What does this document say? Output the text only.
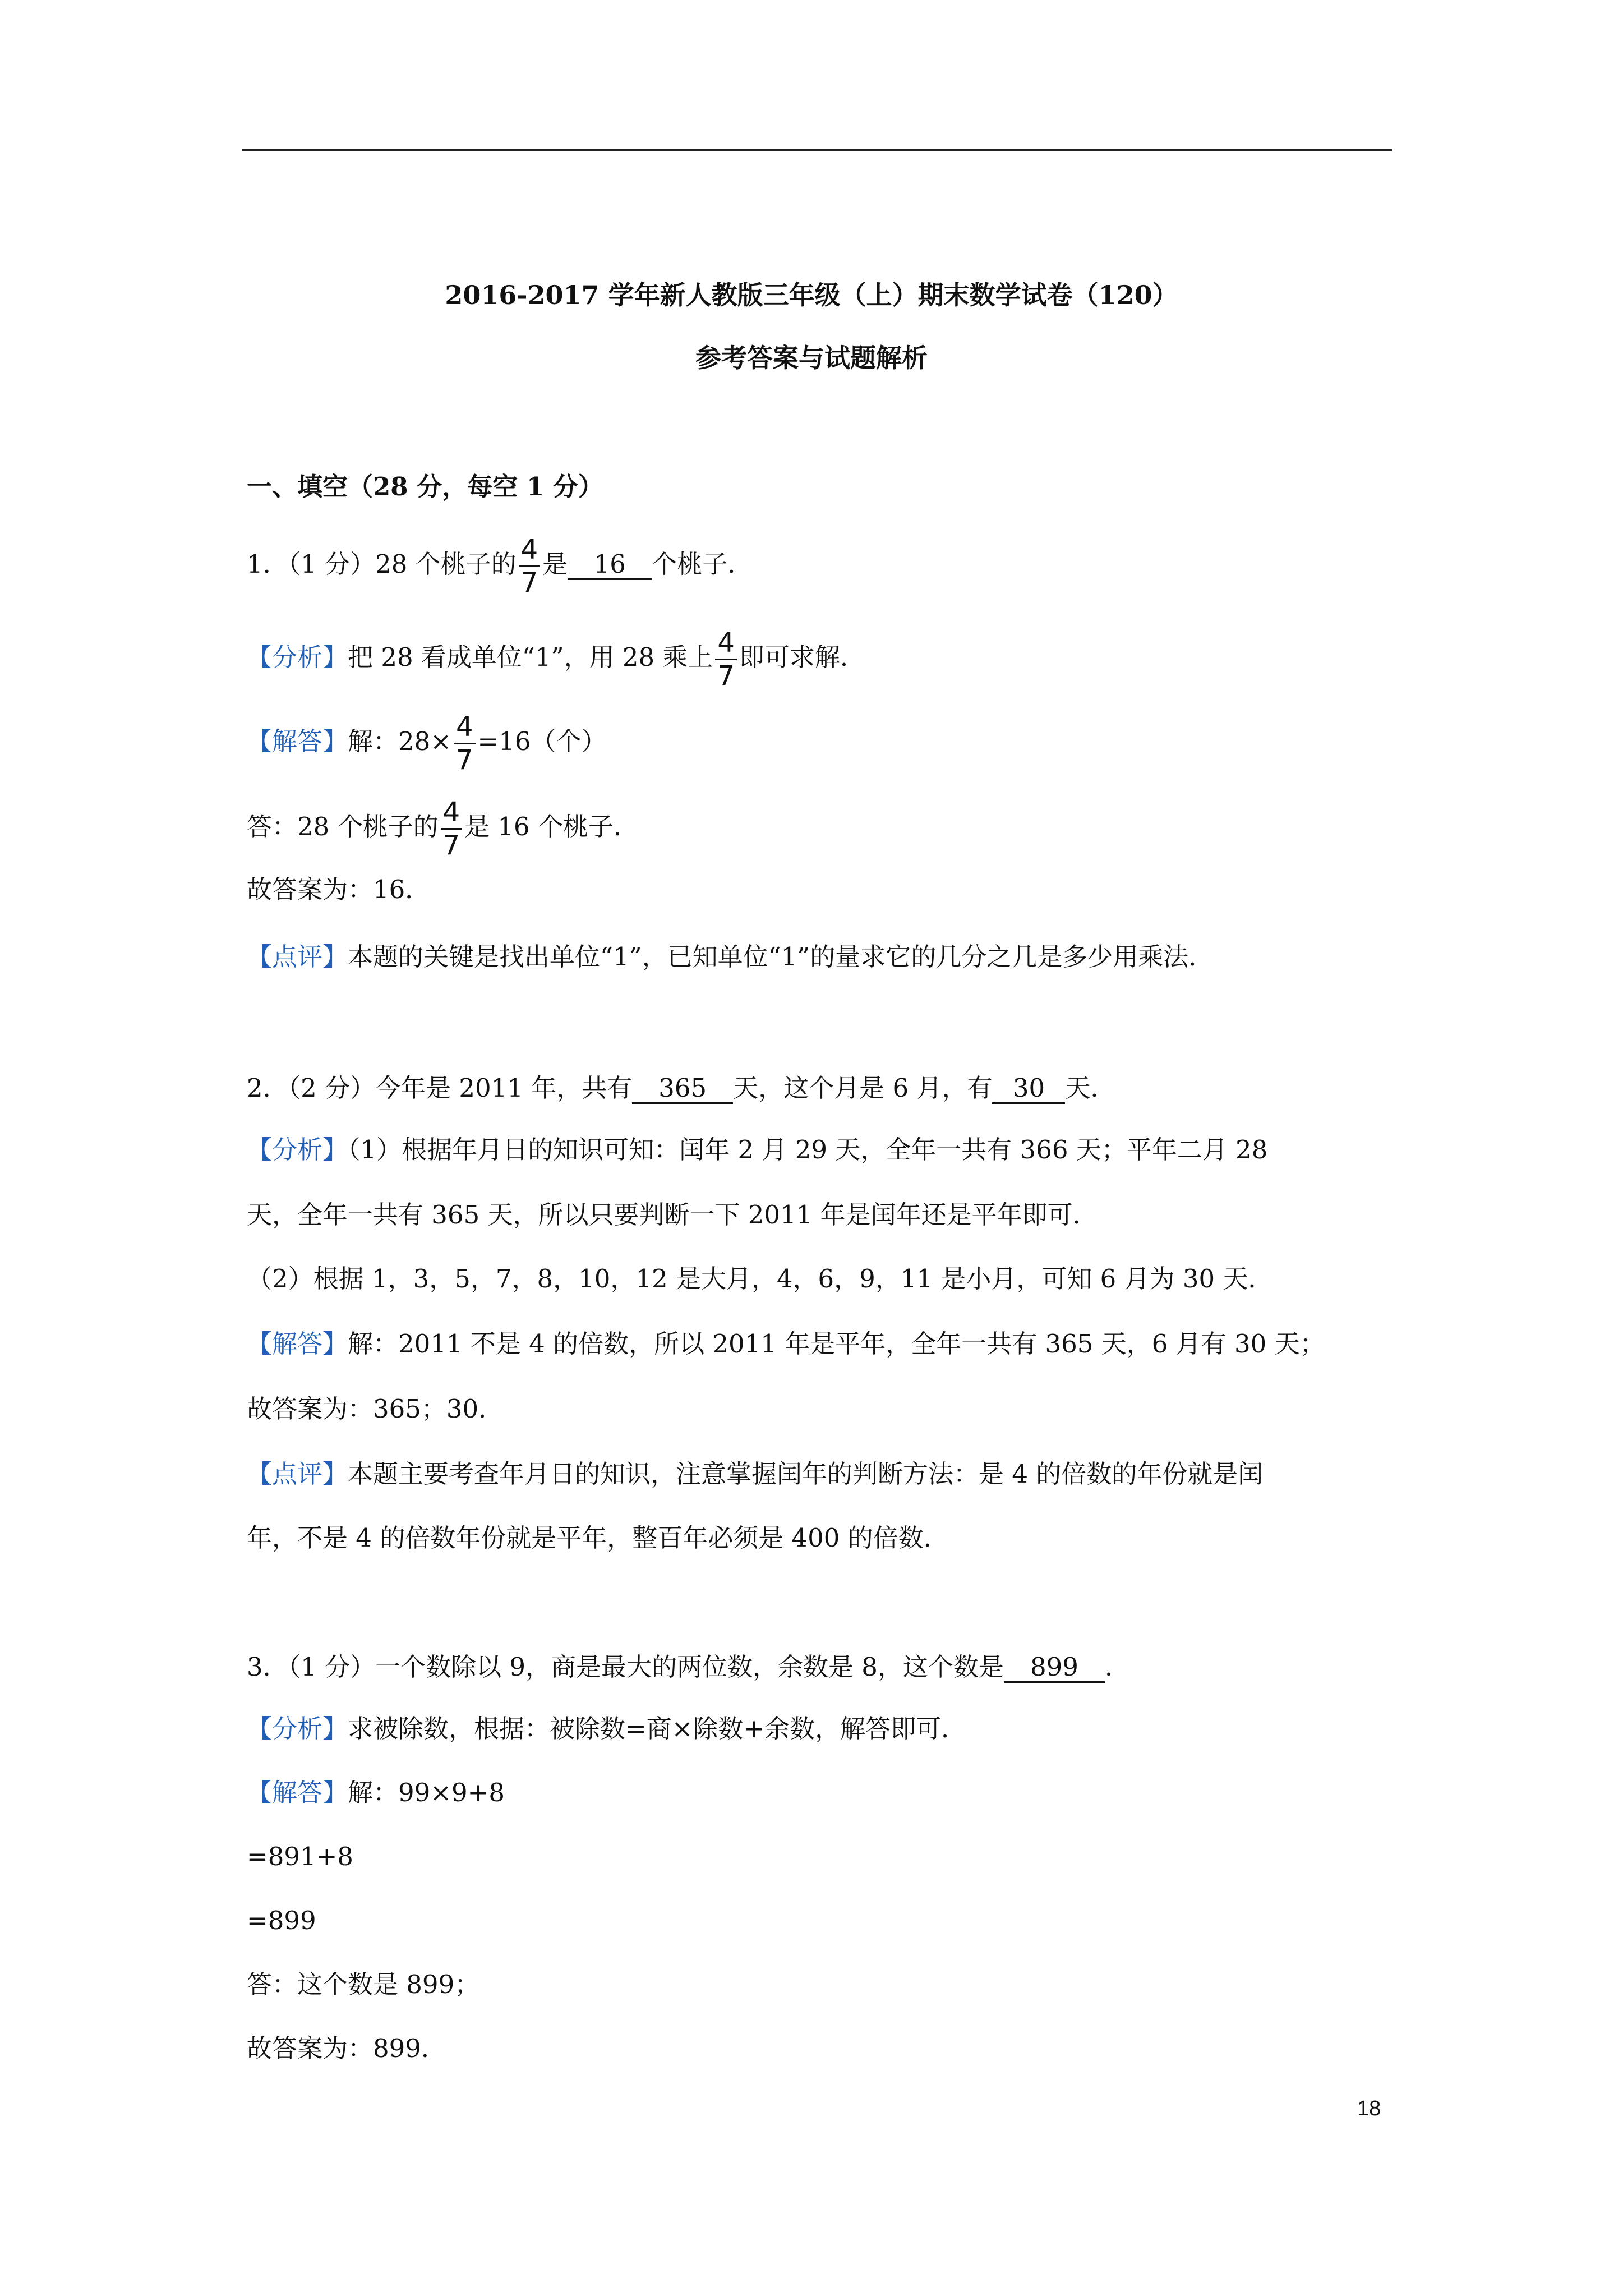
2016-2017 学年新人教版三年级（上）期末数学试卷（120）
参考答案与试题解析
一、填空（28 分，每空 1 分）
1．（1 分）28 个桃子的 $\frac{4}{7}$ 是 16 个桃子．
【分析】把 28 看成单位“1”，用 28 乘上 $\frac{4}{7}$ 即可求解．
【解答】解：$28\times \frac{4}{7} =16$（个）
答：28 个桃子的 $\frac{4}{7}$ 是 16 个桃子．
故答案为：16．
【点评】本题的关键是找出单位“1”，已知单位“1”的量求它的几分之几是多少用乘法．
2．（2 分）今年是 2011 年，共有 365 天，这个月是 6 月，有 30 天．
【分析】（1）根据年月日的知识可知：闰年 2 月 29 天，全年一共有 366 天；平年二月 28
天，全年一共有 365 天，所以只要判断一下 2011 年是闰年还是平年即可．
（2）根据 1，3，5，7，8，10，12 是大月，4，6，9，11 是小月，可知 6 月为 30 天．
【解答】解：2011 不是 4 的倍数，所以 2011 年是平年，全年一共有 365 天，6 月有 30 天；
故答案为：365；30．
【点评】本题主要考查年月日的知识，注意掌握闰年的判断方法：是 4 的倍数的年份就是闰
年，不是 4 的倍数年份就是平年，整百年必须是 400 的倍数．
3．（1 分）一个数除以 9，商是最大的两位数，余数是 8，这个数是 899 ．
【分析】求被除数，根据：被除数=商×除数+余数，解答即可．
【解答】解：99×9+8
=891+8
=899
答：这个数是 899；
故答案为：899．
18
